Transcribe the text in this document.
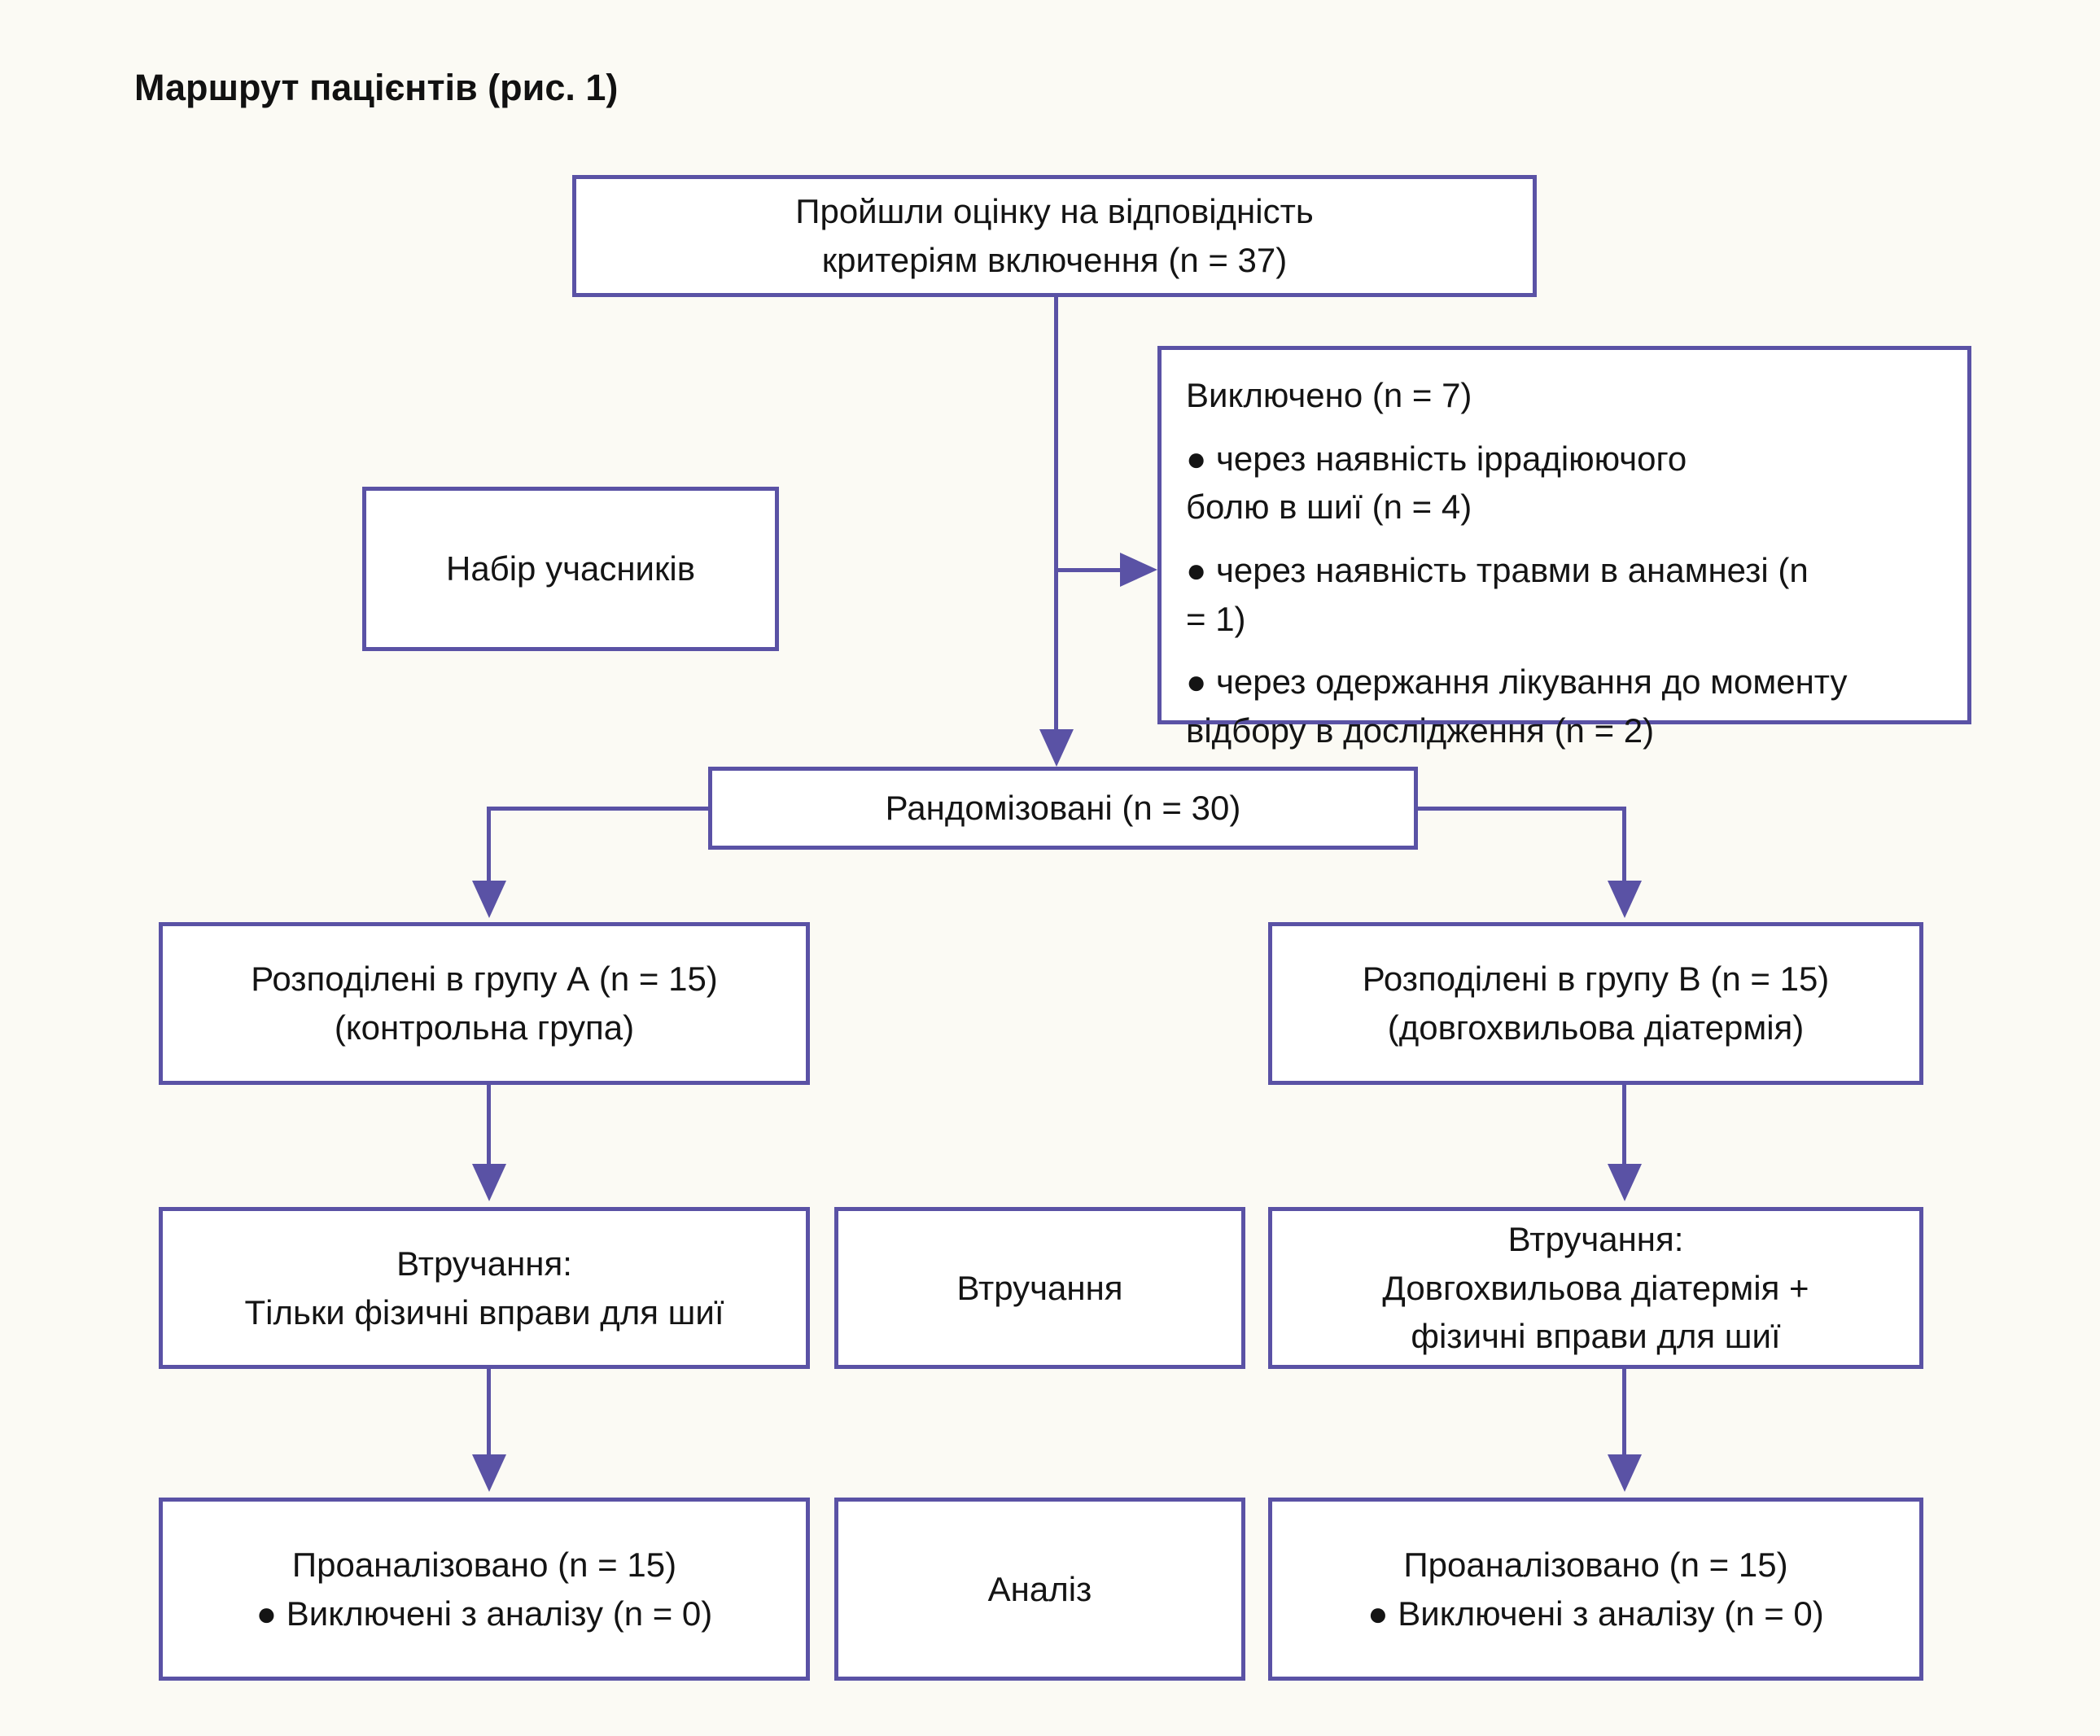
Маршрут пацієнтів (рис. 1)
Пройшли оцінку на відповідність
критеріям включення (n = 37)
Виключено (n = 7)
● через наявність іррадіюючого болю в шиї (n = 4)
● через наявність травми в анамнезі (n = 1)
● через одержання лікування до моменту відбору в дослідження (n = 2)
Набір учасників
Рандомізовані (n = 30)
Розподілені в групу А (n = 15)
(контрольна група)
Розподілені в групу В (n = 15)
(довгохвильова діатермія)
Втручання:
Тільки фізичні вправи для шиї
Втручання
Втручання:
Довгохвильова діатермія +
фізичні вправи для шиї
Проаналізовано (n = 15)
● Виключені з аналізу (n = 0)
Аналіз
Проаналізовано (n = 15)
● Виключені з аналізу (n = 0)
